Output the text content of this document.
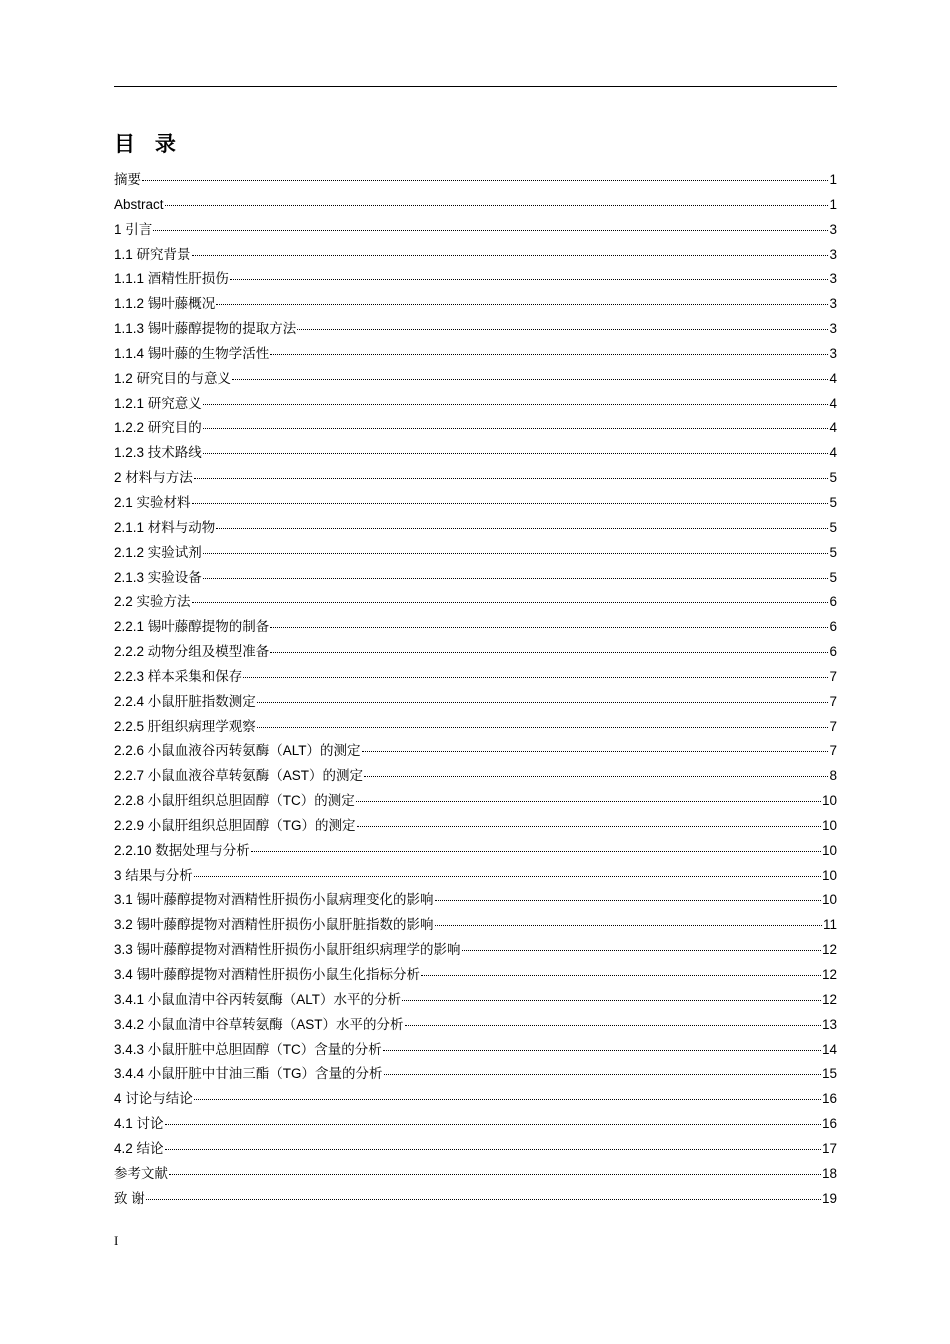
目 录
摘要	1
Abstract	1
1 引言	3
1.1 研究背景	3
1.1.1 酒精性肝损伤	3
1.1.2 锡叶藤概况	3
1.1.3 锡叶藤醇提物的提取方法	3
1.1.4 锡叶藤的生物学活性	3
1.2 研究目的与意义	4
1.2.1 研究意义	4
1.2.2 研究目的	4
1.2.3 技术路线	4
2 材料与方法	5
2.1 实验材料	5
2.1.1 材料与动物	5
2.1.2 实验试剂	5
2.1.3 实验设备	5
2.2 实验方法	6
2.2.1 锡叶藤醇提物的制备	6
2.2.2 动物分组及模型准备	6
2.2.3 样本采集和保存	7
2.2.4 小鼠肝脏指数测定	7
2.2.5 肝组织病理学观察	7
2.2.6 小鼠血液谷丙转氨酶（ALT）的测定	7
2.2.7 小鼠血液谷草转氨酶（AST）的测定	8
2.2.8 小鼠肝组织总胆固醇（TC）的测定	10
2.2.9 小鼠肝组织总胆固醇（TG）的测定	10
2.2.10 数据处理与分析	10
3 结果与分析	10
3.1 锡叶藤醇提物对酒精性肝损伤小鼠病理变化的影响	10
3.2 锡叶藤醇提物对酒精性肝损伤小鼠肝脏指数的影响	11
3.3 锡叶藤醇提物对酒精性肝损伤小鼠肝组织病理学的影响	12
3.4 锡叶藤醇提物对酒精性肝损伤小鼠生化指标分析	12
3.4.1 小鼠血清中谷丙转氨酶（ALT）水平的分析	12
3.4.2 小鼠血清中谷草转氨酶（AST）水平的分析	13
3.4.3 小鼠肝脏中总胆固醇（TC）含量的分析	14
3.4.4 小鼠肝脏中甘油三酯（TG）含量的分析	15
4 讨论与结论	16
4.1 讨论	16
4.2 结论	17
参考文献	18
致 谢	19
I
